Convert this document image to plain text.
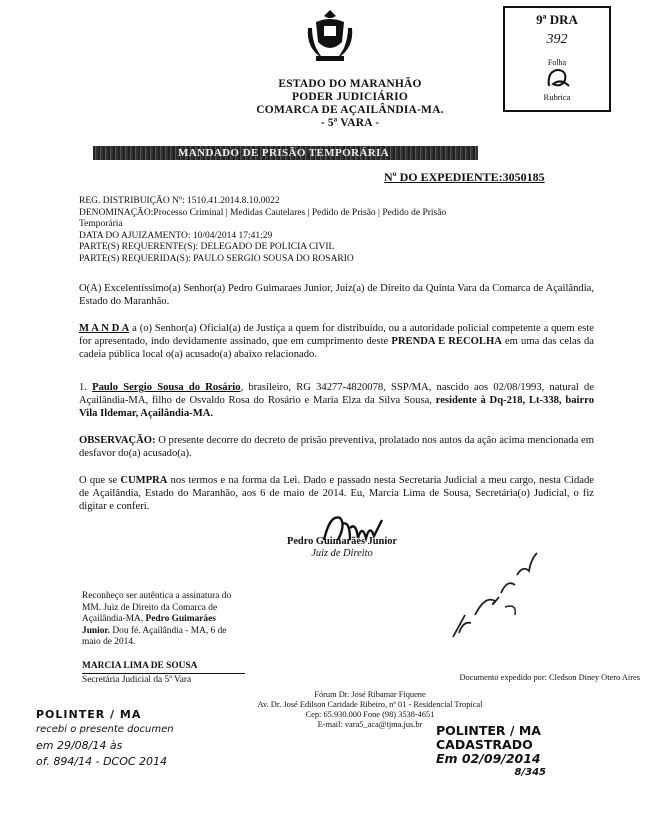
9ª DRA
392
Folha
Rubrica
ESTADO DO MARANHÃO
PODER JUDICIÁRIO
COMARCA DE AÇAILÂNDIA-MA.
- 5ª VARA -
MANDADO DE PRISÃO TEMPORÁRIA
Nº DO EXPEDIENTE:3050185
REG. DISTRIBUIÇÃO Nº: 1510.41.2014.8.10.0022
DENOMINAÇÃO:Processo Criminal | Medidas Cautelares | Pedido de Prisão | Pedido de Prisão
Temporária
DATA DO AJUIZAMENTO: 10/04/2014 17:41:29
PARTE(S) REQUERENTE(S): DELEGADO DE POLICIA CIVIL
PARTE(S) REQUERIDA(S): PAULO SERGIO SOUSA DO ROSARIO
O(A) Excelentíssimo(a) Senhor(a) Pedro Guimaraes Junior, Juiz(a) de Direito da Quinta Vara da Comarca de Açailândia, Estado do Maranhão.
M A N D A a (o) Senhor(a) Oficial(a) de Justiça a quem for distribuído, ou a autoridade policial competente a quem este for apresentado, indo devidamente assinado, que em cumprimento deste PRENDA E RECOLHA em uma das celas da cadeia pública local o(a) acusado(a) abaixo relacionado.
1. Paulo Sergio Sousa do Rosário, brasileiro, RG 34277-4820078, SSP/MA, nascido aos 02/08/1993, natural de Açailândia-MA, filho de Osvaldo Rosa do Rosário e Maria Elza da Silva Sousa, residente à Dq-218, Lt-338, bairro Vila Ildemar, Açailândia-MA.
OBSERVAÇÃO: O presente decorre do decreto de prisão preventiva, prolatado nos autos da ação acima mencionada em desfavor do(a) acusado(a).
O que se CUMPRA nos termos e na forma da Lei. Dado e passado nesta Secretaria Judicial a meu cargo, nesta Cidade de Açailândia, Estado do Maranhão, aos 6 de maio de 2014. Eu, Marcia Lima de Sousa, Secretária(o) Judicial, o fiz digitar e conferi.
Pedro Guimarães Junior
Juiz de Direito
Reconheço ser autêntica a assinatura do MM. Juiz de Direito da Comarca de Açailândia-MA, Pedro Guimarães Junior. Dou fé. Açailândia - MA, 6 de maio de 2014.
MARCIA LIMA DE SOUSA
Secretária Judicial da 5ª Vara	Documento expedido por: Cledson Diney Otero Aires
Fórum Dr. José Ribamar Fiquene
Av. Dr. José Edilson Caridade Ribeiro, nº 01 - Residencial Tropical
Cep: 65.930.000 Fone (98) 3538-4651
E-mail: vara5_aca@tjma.jus.br
POLINTER / MA
recebi o presente documen
em 29/08/14 às
of. 894/14 - DCOC 2014
POLINTER / MA
CADASTRADO
Em 02/09/2014
8/345
